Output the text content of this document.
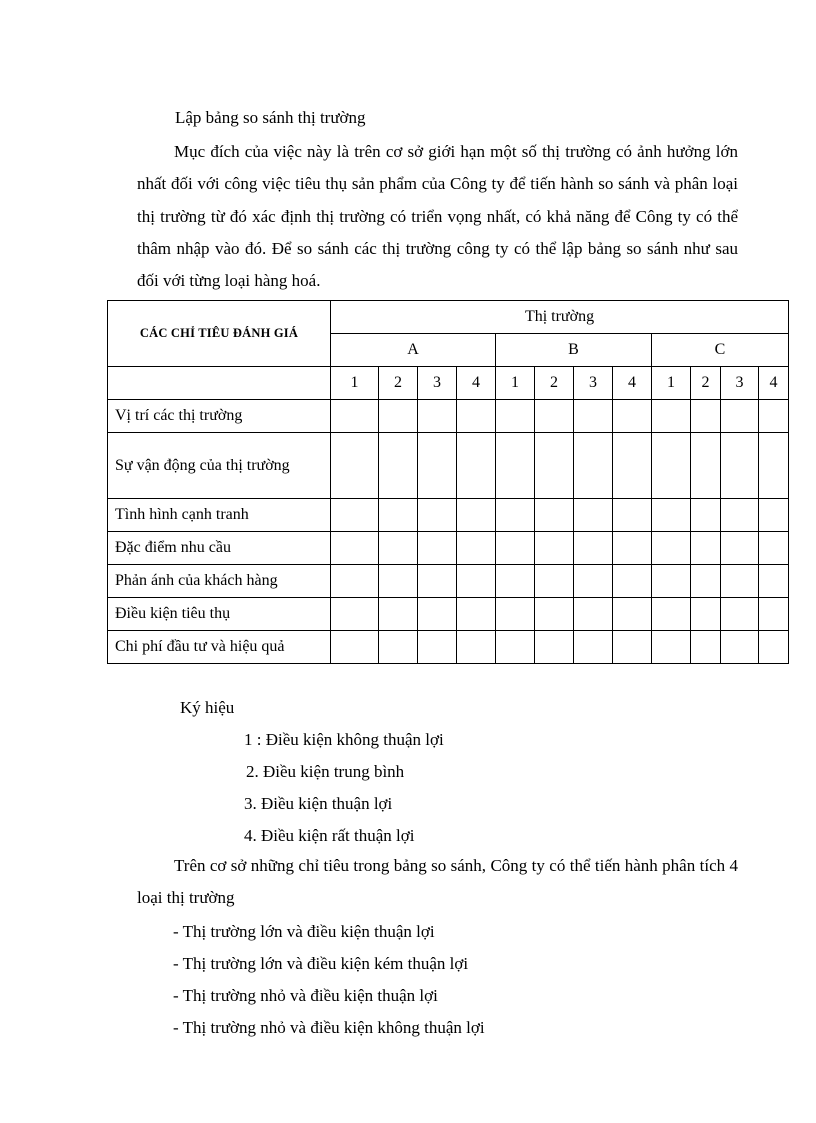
Lập bảng so sánh thị trường

Mục đích của việc này là trên cơ sở giới hạn một số thị trường có ảnh hưởng lớn nhất đối với công việc tiêu thụ sản phẩm của Công ty để tiến hành so sánh và phân loại thị trường từ đó xác định thị trường có triển vọng nhất, có khả năng để Công ty có thể thâm nhập vào đó. Để so sánh các thị trường công ty có thể lập bảng so sánh như sau đối với từng loại hàng hoá.

CÁC CHỈ TIÊU ĐÁNH GIÁ	Thị trường											
	A				B				C			
	1	2	3	4	1	2	3	4	1	2	3	4
Vị trí các thị trường												
Sự vận động của thị trường												
Tình hình cạnh tranh												
Đặc điểm nhu cầu												
Phản ánh của khách hàng												
Điều kiện tiêu thụ												
Chi phí đầu tư và hiệu quả												
Ký hiệu
1 : Điều kiện không thuận lợi
2. Điều kiện trung bình
3. Điều kiện thuận lợi
4. Điều kiện rất thuận lợi

Trên cơ sở những chỉ tiêu trong bảng so sánh, Công ty có thể tiến hành phân tích 4 loại thị trường

- Thị trường lớn và điều kiện thuận lợi
- Thị trường lớn và điều kiện kém thuận lợi
- Thị trường nhỏ và điều kiện thuận lợi
- Thị trường nhỏ và điều kiện không thuận lợi
